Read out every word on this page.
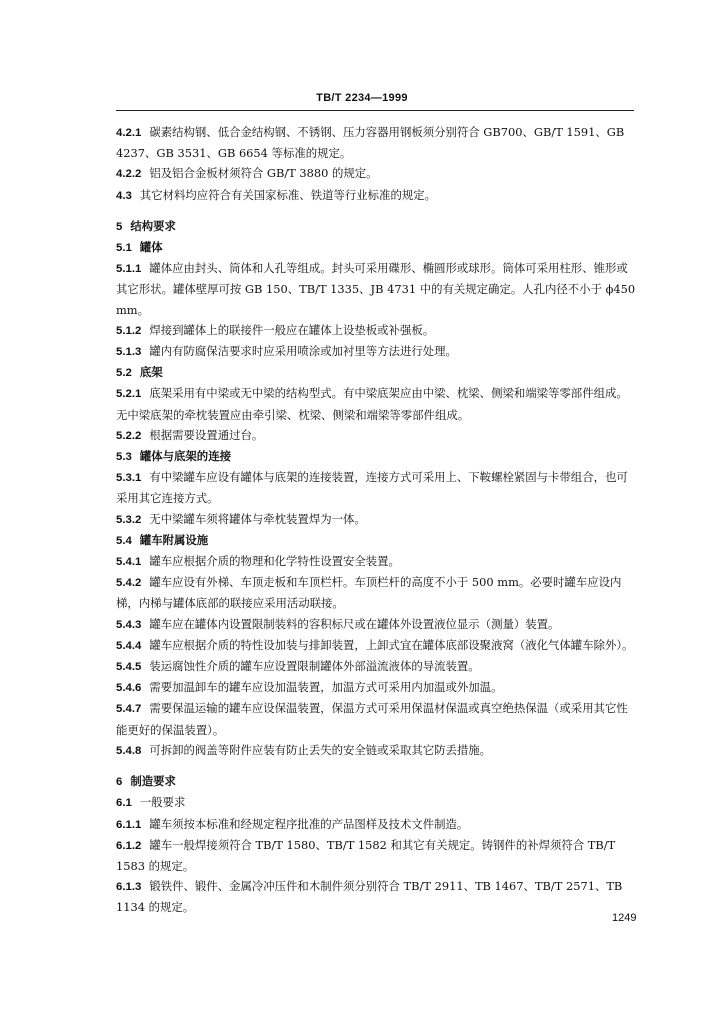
TB/T 2234—1999

4.2.1 碳素结构钢、低合金结构钢、不锈钢、压力容器用钢板须分别符合 GB700、GB/T 1591、GB 4237、GB 3531、GB 6654 等标准的规定。

4.2.2 铝及铝合金板材须符合 GB/T 3880 的规定。

4.3 其它材料均应符合有关国家标准、铁道等行业标准的规定。

5 结构要求

5.1 罐体

5.1.1 罐体应由封头、筒体和人孔等组成。封头可采用碟形、椭圆形或球形。筒体可采用柱形、锥形或其它形状。罐体壁厚可按 GB 150、TB/T 1335、JB 4731 中的有关规定确定。人孔内径不小于 ϕ450 mm。

5.1.2 焊接到罐体上的联接件一般应在罐体上设垫板或补强板。

5.1.3 罐内有防腐保洁要求时应采用喷涂或加衬里等方法进行处理。

5.2 底架

5.2.1 底架采用有中梁或无中梁的结构型式。有中梁底架应由中梁、枕梁、侧梁和端梁等零部件组成。无中梁底架的牵枕装置应由牵引梁、枕梁、侧梁和端梁等零部件组成。

5.2.2 根据需要设置通过台。

5.3 罐体与底架的连接

5.3.1 有中梁罐车应设有罐体与底架的连接装置，连接方式可采用上、下鞍螺栓紧固与卡带组合，也可采用其它连接方式。

5.3.2 无中梁罐车须将罐体与牵枕装置焊为一体。

5.4 罐车附属设施

5.4.1 罐车应根据介质的物理和化学特性设置安全装置。

5.4.2 罐车应设有外梯、车顶走板和车顶栏杆。车顶栏杆的高度不小于 500 mm。必要时罐车应设内梯，内梯与罐体底部的联接应采用活动联接。

5.4.3 罐车应在罐体内设置限制装料的容积标尺或在罐体外设置液位显示（测量）装置。

5.4.4 罐车应根据介质的特性设加装与排卸装置，上卸式宜在罐体底部设聚液窝（液化气体罐车除外）。

5.4.5 装运腐蚀性介质的罐车应设置限制罐体外部溢流液体的导流装置。

5.4.6 需要加温卸车的罐车应设加温装置，加温方式可采用内加温或外加温。

5.4.7 需要保温运输的罐车应设保温装置，保温方式可采用保温材保温或真空绝热保温（或采用其它性能更好的保温装置）。

5.4.8 可拆卸的阀盖等附件应装有防止丢失的安全链或采取其它防丢措施。

6 制造要求

6.1 一般要求

6.1.1 罐车须按本标准和经规定程序批准的产品图样及技术文件制造。

6.1.2 罐车一般焊接须符合 TB/T 1580、TB/T 1582 和其它有关规定。铸钢件的补焊须符合 TB/T 1583 的规定。

6.1.3 锻铁件、锻件、金属冷冲压件和木制件须分别符合 TB/T 2911、TB 1467、TB/T 2571、TB 1134 的规定。

1249
